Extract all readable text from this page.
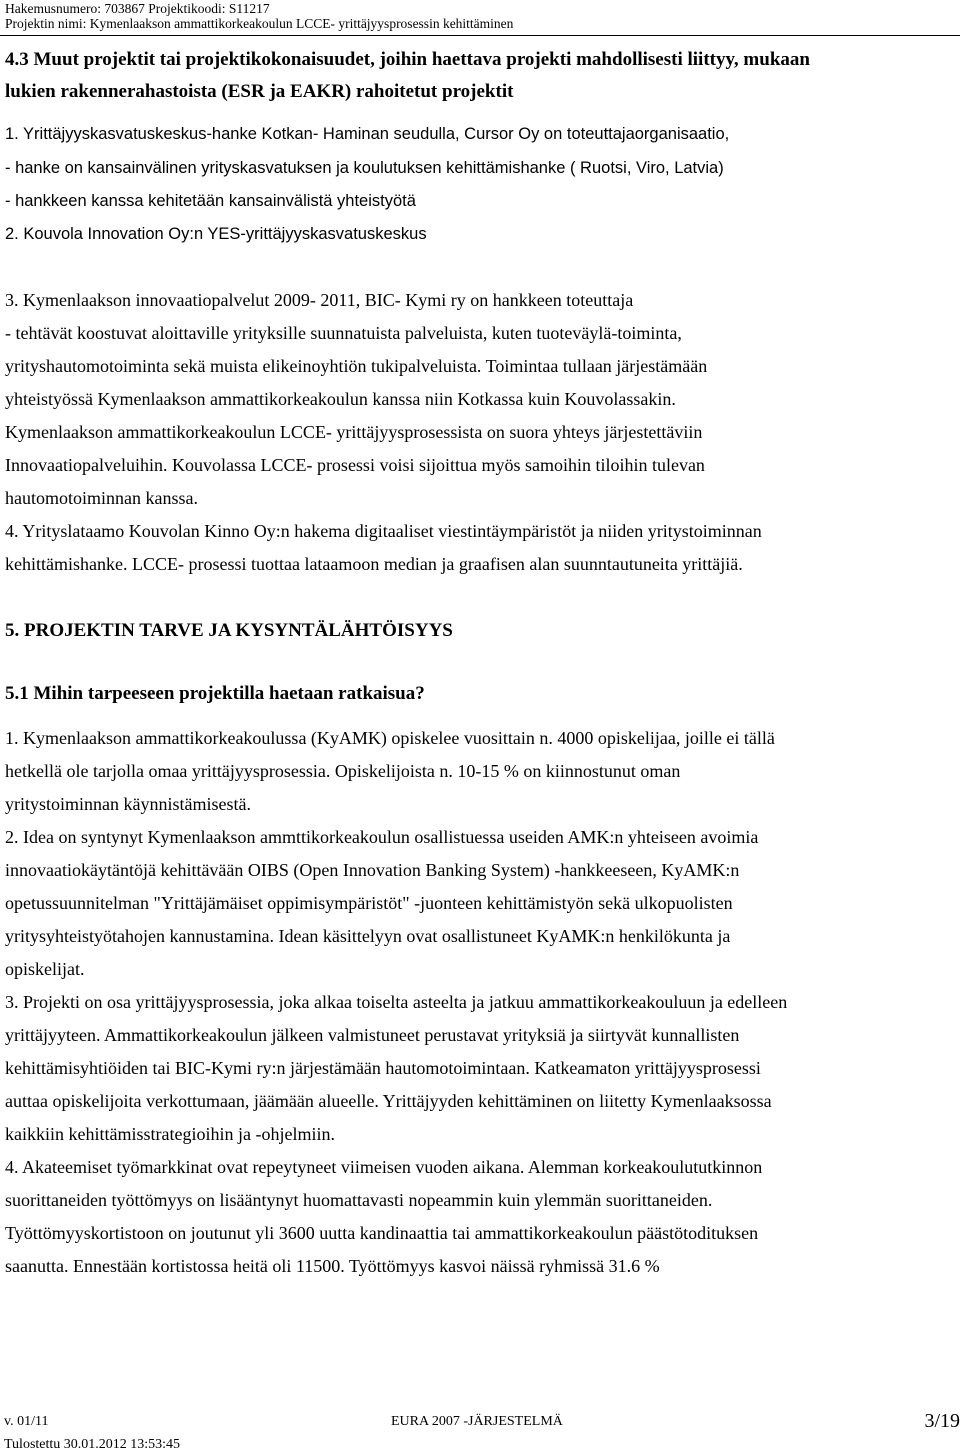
Hakemusnumero: 703867 Projektikoodi: S11217
Projektin nimi: Kymenlaakson ammattikorkeakoulun LCCE- yrittäjyysprosessin kehittäminen
4.3 Muut projektit tai projektikokonaisuudet, joihin haettava projekti mahdollisesti liittyy, mukaan
lukien rakennerahastoista (ESR ja EAKR) rahoitetut projektit
1. Yrittäjyyskasvatuskeskus-hanke Kotkan- Haminan seudulla, Cursor Oy on toteuttajaorganisaatio,
- hanke on kansainvälinen yrityskasvatuksen ja koulutuksen kehittämishanke ( Ruotsi, Viro, Latvia)
- hankkeen kanssa kehitetään kansainvälistä yhteistyötä
2. Kouvola Innovation Oy:n YES-yrittäjyyskasvatuskeskus
3. Kymenlaakson innovaatiopalvelut 2009- 2011, BIC- Kymi ry on hankkeen toteuttaja
- tehtävät koostuvat aloittaville yrityksille suunnatuista palveluista, kuten tuoteväylä-toiminta,
yrityshautomotoiminta sekä muista elikeinoyhtiön tukipalveluista. Toimintaa tullaan järjestämään
yhteistyössä Kymenlaakson ammattikorkeakoulun kanssa niin Kotkassa kuin Kouvolassakin.
Kymenlaakson ammattikorkeakoulun LCCE- yrittäjyysprosessista on suora yhteys järjestettäviin
Innovaatiopalveluihin. Kouvolassa LCCE- prosessi voisi sijoittua myös samoihin tiloihin tulevan
hautomotoiminnan kanssa.
4. Yrityslataamo Kouvolan Kinno Oy:n hakema digitaaliset viestintäympäristöt ja niiden yritystoiminnan
kehittämishanke. LCCE- prosessi tuottaa lataamoon median ja graafisen alan suunntautuneita yrittäjiä.
5. PROJEKTIN TARVE JA KYSYNTÄLÄHTÖISYYS
5.1 Mihin tarpeeseen projektilla haetaan ratkaisua?
1. Kymenlaakson ammattikorkeakoulussa (KyAMK) opiskelee vuosittain n. 4000 opiskelijaa, joille ei tällä
hetkellä ole tarjolla omaa yrittäjyysprosessia. Opiskelijoista n. 10-15 % on kiinnostunut oman
yritystoiminnan käynnistämisestä.
2. Idea on syntynyt Kymenlaakson ammttikorkeakoulun osallistuessa useiden AMK:n yhteiseen avoimia
innovaatiokäytäntöjä kehittävään OIBS (Open Innovation Banking System) -hankkeeseen, KyAMK:n
opetussuunnitelman "Yrittäjämäiset oppimisympäristöt" -juonteen kehittämistyön sekä ulkopuolisten
yritysyhteistyötahojen kannustamina. Idean käsittelyyn ovat osallistuneet KyAMK:n henkilökunta ja
opiskelijat.
3. Projekti on osa yrittäjyysprosessia, joka alkaa toiselta asteelta ja jatkuu ammattikorkeakouluun ja edelleen
yrittäjyyteen. Ammattikorkeakoulun jälkeen valmistuneet perustavat yrityksiä ja siirtyvät kunnallisten
kehittämisyhtiöiden tai BIC-Kymi ry:n järjestämään hautomotoimintaan. Katkeamaton yrittäjyysprosessi
auttaa opiskelijoita verkottumaan, jäämään alueelle. Yrittäjyyden kehittäminen on liitetty Kymenlaaksossa
kaikkiin kehittämisstrategioihin ja -ohjelmiin.
4. Akateemiset työmarkkinat ovat repeytyneet viimeisen vuoden aikana. Alemman korkeakoulututkinnon
suorittaneiden työttömyys on lisääntynyt huomattavasti nopeammin kuin ylemmän suorittaneiden.
Työttömyyskortistoon on joutunut yli 3600 uutta kandinaattia tai ammattikorkeakoulun päästötodituksen
saanutta. Ennestään kortistossa heitä oli 11500. Työttömyys kasvoi näissä ryhmissä 31.6 %
v. 01/11	EURA 2007 -JÄRJESTELMÄ	3/19
Tulostettu 30.01.2012 13:53:45
